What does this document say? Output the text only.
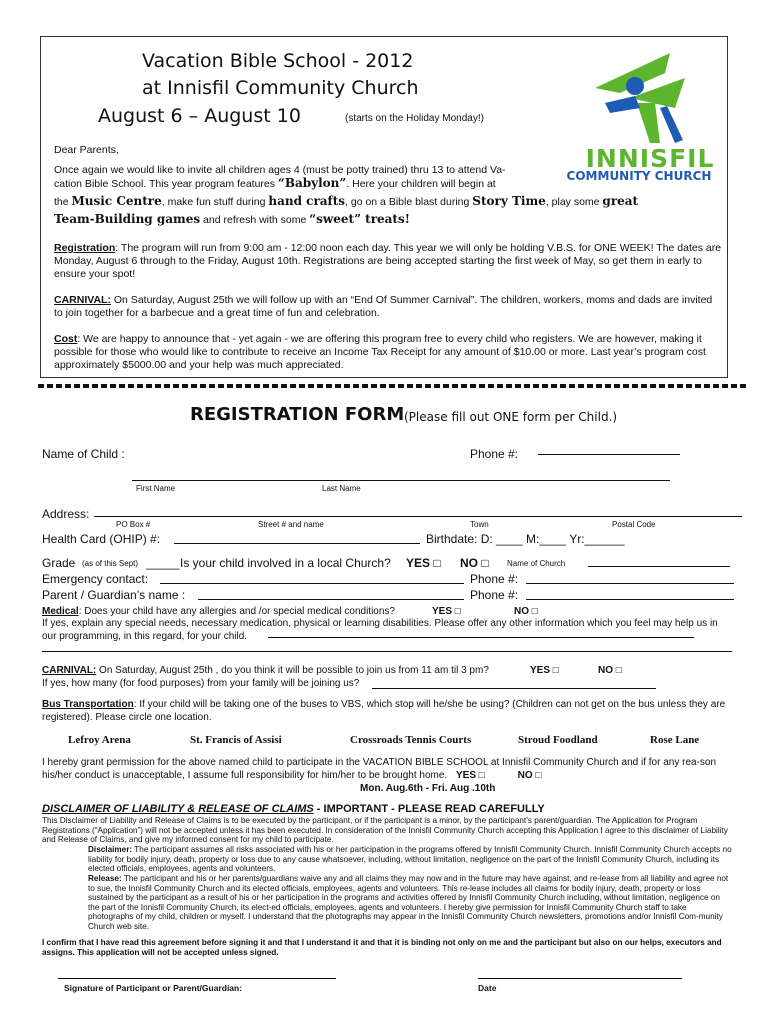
Vacation Bible School - 2012
at Innisfil Community Church
August 6 – August 10	(starts on the Holiday Monday!)
INNISFIL
COMMUNITY CHURCH
Dear Parents,
Once again we would like to invite all children ages 4 (must be potty trained) thru 13 to attend Va-
cation Bible School. This year program features “Babylon”. Here your children will begin at
the Music Centre, make fun stuff during hand crafts, go on a Bible blast during Story Time, play some great
Team-Building games and refresh with some “sweet” treats!
Registration: The program will run from 9:00 am - 12:00 noon each day. This year we will only be holding V.B.S. for ONE WEEK! The dates are Monday, August 6 through to the Friday, August 10th. Registrations are being accepted starting the first week of May, so get them in early to ensure your spot!
CARNIVAL: On Saturday, August 25th we will follow up with an “End Of Summer Carnival”. The children, workers, moms and dads are invited to join together for a barbecue and a great time of fun and celebration.
Cost: We are happy to announce that - yet again - we are offering this program free to every child who registers. We are however, making it possible for those who would like to contribute to receive an Income Tax Receipt for any amount of $10.00 or more. Last year’s program cost approximately $5000.00 and your help was much appreciated.
REGISTRATION FORM (Please fill out ONE form per Child.)
Name of Child :	Phone #:
First Name	Last Name
Address:
PO Box #	Street # and name	Town	Postal Code
Health Card (OHIP) #:	Birthdate: D: ____ M:____ Yr:______
Grade (as of this Sept) _____ Is your child involved in a local Church? YES □ NO □ Name of Church
Emergency contact:	Phone #:
Parent / Guardian’s name :	Phone #:
Medical: Does your child have any allergies and /or special medical conditions?	YES □	NO □
If yes, explain any special needs, necessary medication, physical or learning disabilities. Please offer any other information which you feel may help us in our programming, in this regard, for your child.
CARNIVAL: On Saturday, August 25th , do you think it will be possible to join us from 11 am til 3 pm?	YES □	NO □
If yes, how many (for food purposes) from your family will be joining us?
Bus Transportation: If your child will be taking one of the buses to VBS, which stop will he/she be using? (Children can not get on the bus unless they are registered). Please circle one location.
Lefroy Arena	St. Francis of Assisi	Crossroads Tennis Courts	Stroud Foodland	Rose Lane
I hereby grant permission for the above named child to participate in the VACATION BIBLE SCHOOL at Innisfil Community Church and if for any rea-son his/her conduct is unacceptable, I assume full responsibility for him/her to be brought home. YES □	NO □
Mon. Aug.6th - Fri. Aug .10th
DISCLAIMER OF LIABILITY & RELEASE OF CLAIMS - IMPORTANT - PLEASE READ CAREFULLY
This Disclaimer of Liability and Release of Claims is to be executed by the participant, or if the participant is a minor, by the participant’s parent/guardian. The Application for Program Registrations (“Application”) will not be accepted unless it has been executed. In consideration of the Innisfil Community Church accepting this Application I agree to this disclaimer of Liability and Release of Claims, and give my informed consent for my child to participate.
Disclaimer: The participant assumes all risks associated with his or her participation in the programs offered by Innisfil Community Church. Innisfil Community Church accepts no liability for bodily injury, death, property or loss due to any cause whatsoever, including, without limitation, negligence on the part of the Innisfil Community Church, including its elected officials, employees, agents and volunteers.
Release: The participant and his or her parents/guardians waive any and all claims they may now and in the future may have against, and re-lease from all liability and agree not to sue, the Innisfil Community Church and its elected officials, employees, agents and volunteers. This re-lease includes all claims for bodily injury, death, property or loss sustained by the participant as a result of his or her participation in the programs and activities offered by Innisfil Community Church including, without limitation, negligence on the part of the Innisfil Community Church, its elect-ed officials, employees, agents and volunteers. I hereby give permission for Innisfil Community Church staff to take photographs of my child, children or myself. I understand that the photographs may appear in the Innisfil Community Church newsletters, promotions and/or Innisfil Com-munity Church web site.
I confirm that I have read this agreement before signing it and that I understand it and that it is binding not only on me and the participant but also on our helps, executors and assigns. This application will not be accepted unless signed.
Signature of Participant or Parent/Guardian:	Date
